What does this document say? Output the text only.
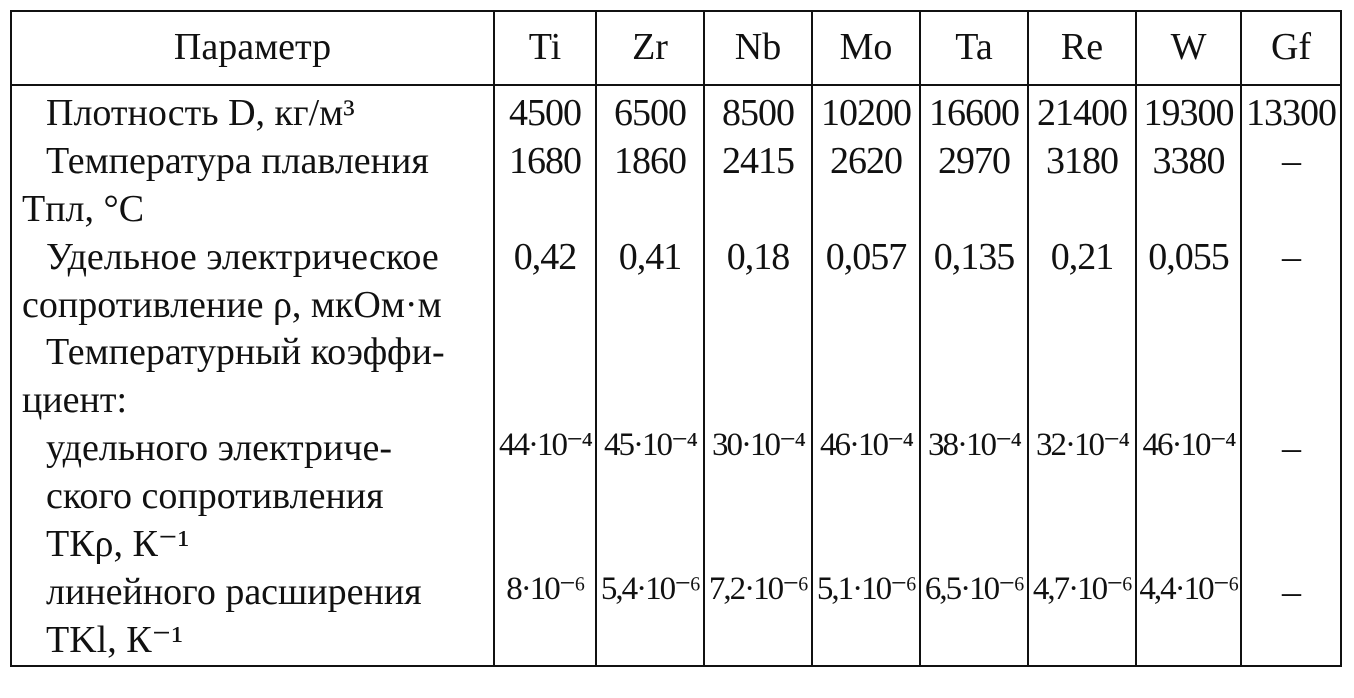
Параметр	Ti	Zr	Nb	Mo	Ta	Re	W	Gf

Плотность D, кг/м³	4500	6500	8500	10200	16600	21400	19300	13300

Температура плавления
Tпл, °C	1680	1860	2415	2620	2970	3180	3380	–

Удельное электрическое
сопротивление ρ, мкОм·м	0,42	0,41	0,18	0,057	0,135	0,21	0,055	–

Температурный коэффи-
циент:								

удельного электриче-
ского сопротивления
ТКρ, К⁻¹	44·10⁻⁴	45·10⁻⁴	30·10⁻⁴	46·10⁻⁴	38·10⁻⁴	32·10⁻⁴	46·10⁻⁴	–

линейного расширения
TKl, К⁻¹	8·10⁻⁶	5,4·10⁻⁶	7,2·10⁻⁶	5,1·10⁻⁶	6,5·10⁻⁶	4,7·10⁻⁶	4,4·10⁻⁶	–
